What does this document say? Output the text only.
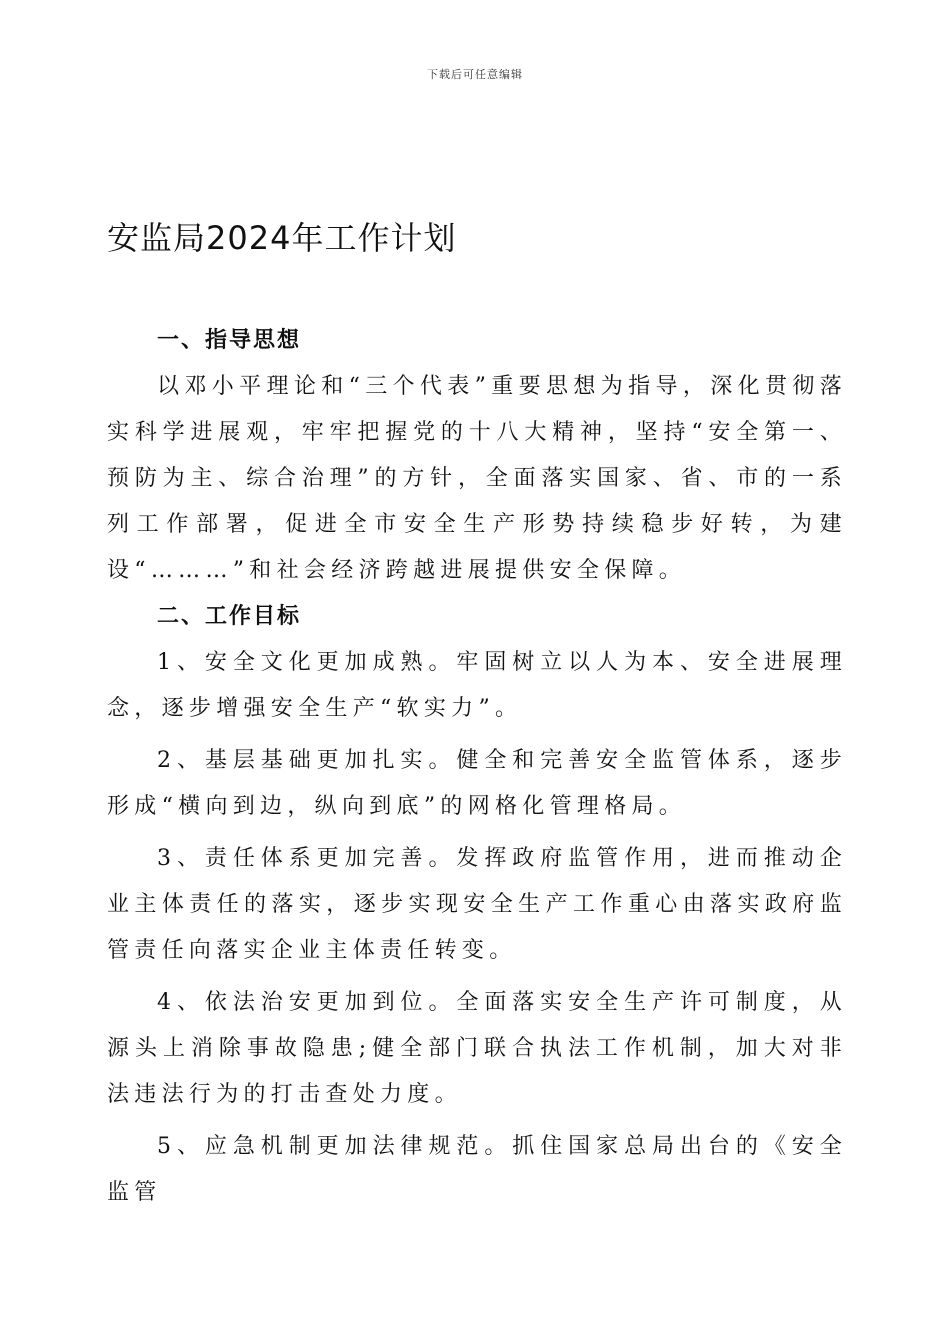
下载后可任意编辑
安监局2024年工作计划
一、指导思想

以邓小平理论和“三个代表”重要思想为指导，深化贯彻落实科学进展观，牢牢把握党的十八大精神，坚持“安全第一、预防为主、综合治理”的方针，全面落实国家、省、市的一系列工作部署，促进全市安全生产形势持续稳步好转，为建设“………”和社会经济跨越进展提供安全保障。

二、工作目标

1、安全文化更加成熟。牢固树立以人为本、安全进展理念，逐步增强安全生产“软实力”。

2、基层基础更加扎实。健全和完善安全监管体系，逐步形成“横向到边，纵向到底”的网格化管理格局。

3、责任体系更加完善。发挥政府监管作用，进而推动企业主体责任的落实，逐步实现安全生产工作重心由落实政府监管责任向落实企业主体责任转变。

4、依法治安更加到位。全面落实安全生产许可制度，从源头上消除事故隐患;健全部门联合执法工作机制，加大对非法违法行为的打击查处力度。

5、应急机制更加法律规范。抓住国家总局出台的《安全监管
